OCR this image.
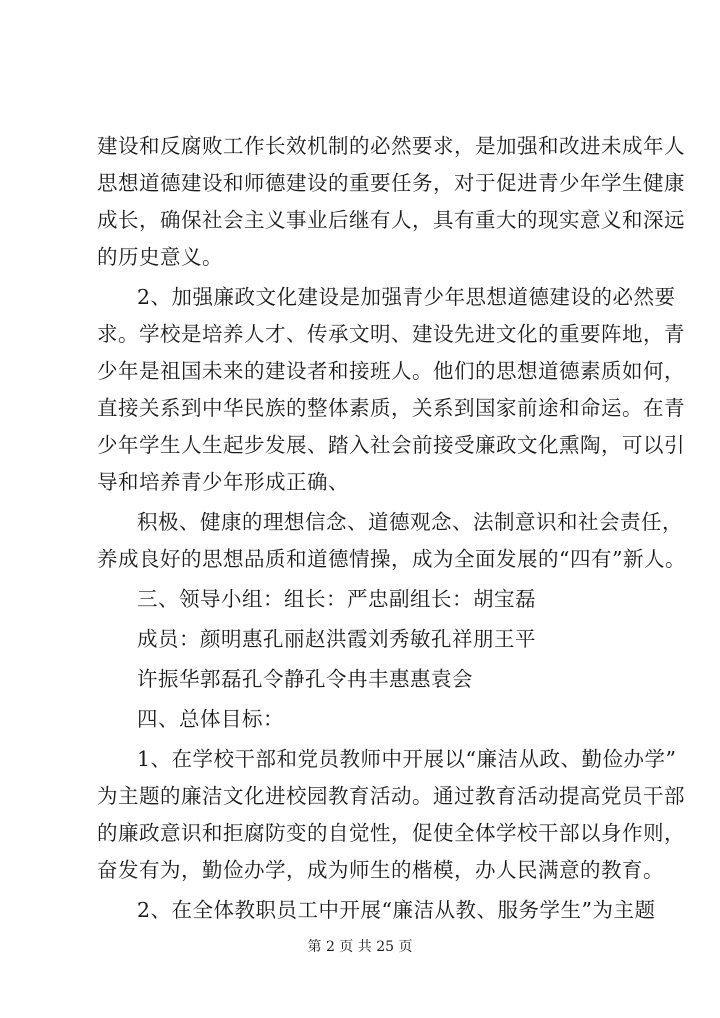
建设和反腐败工作长效机制的必然要求，是加强和改进未成年人
思想道德建设和师德建设的重要任务，对于促进青少年学生健康
成长，确保社会主义事业后继有人，具有重大的现实意义和深远
的历史意义。
2、加强廉政文化建设是加强青少年思想道德建设的必然要
求。学校是培养人才、传承文明、建设先进文化的重要阵地，青
少年是祖国未来的建设者和接班人。他们的思想道德素质如何，
直接关系到中华民族的整体素质，关系到国家前途和命运。在青
少年学生人生起步发展、踏入社会前接受廉政文化熏陶，可以引
导和培养青少年形成正确、
积极、健康的理想信念、道德观念、法制意识和社会责任，
养成良好的思想品质和道德情操，成为全面发展的“四有”新人。
三、领导小组：组长：严忠副组长：胡宝磊
成员：颜明惠孔丽赵洪霞刘秀敏孔祥朋王平
许振华郭磊孔令静孔令冉丰惠惠袁会
四、总体目标：
1、在学校干部和党员教师中开展以“廉洁从政、勤俭办学”
为主题的廉洁文化进校园教育活动。通过教育活动提高党员干部
的廉政意识和拒腐防变的自觉性，促使全体学校干部以身作则，
奋发有为，勤俭办学，成为师生的楷模，办人民满意的教育。
2、在全体教职员工中开展“廉洁从教、服务学生”为主题
第 2 页 共 25 页
